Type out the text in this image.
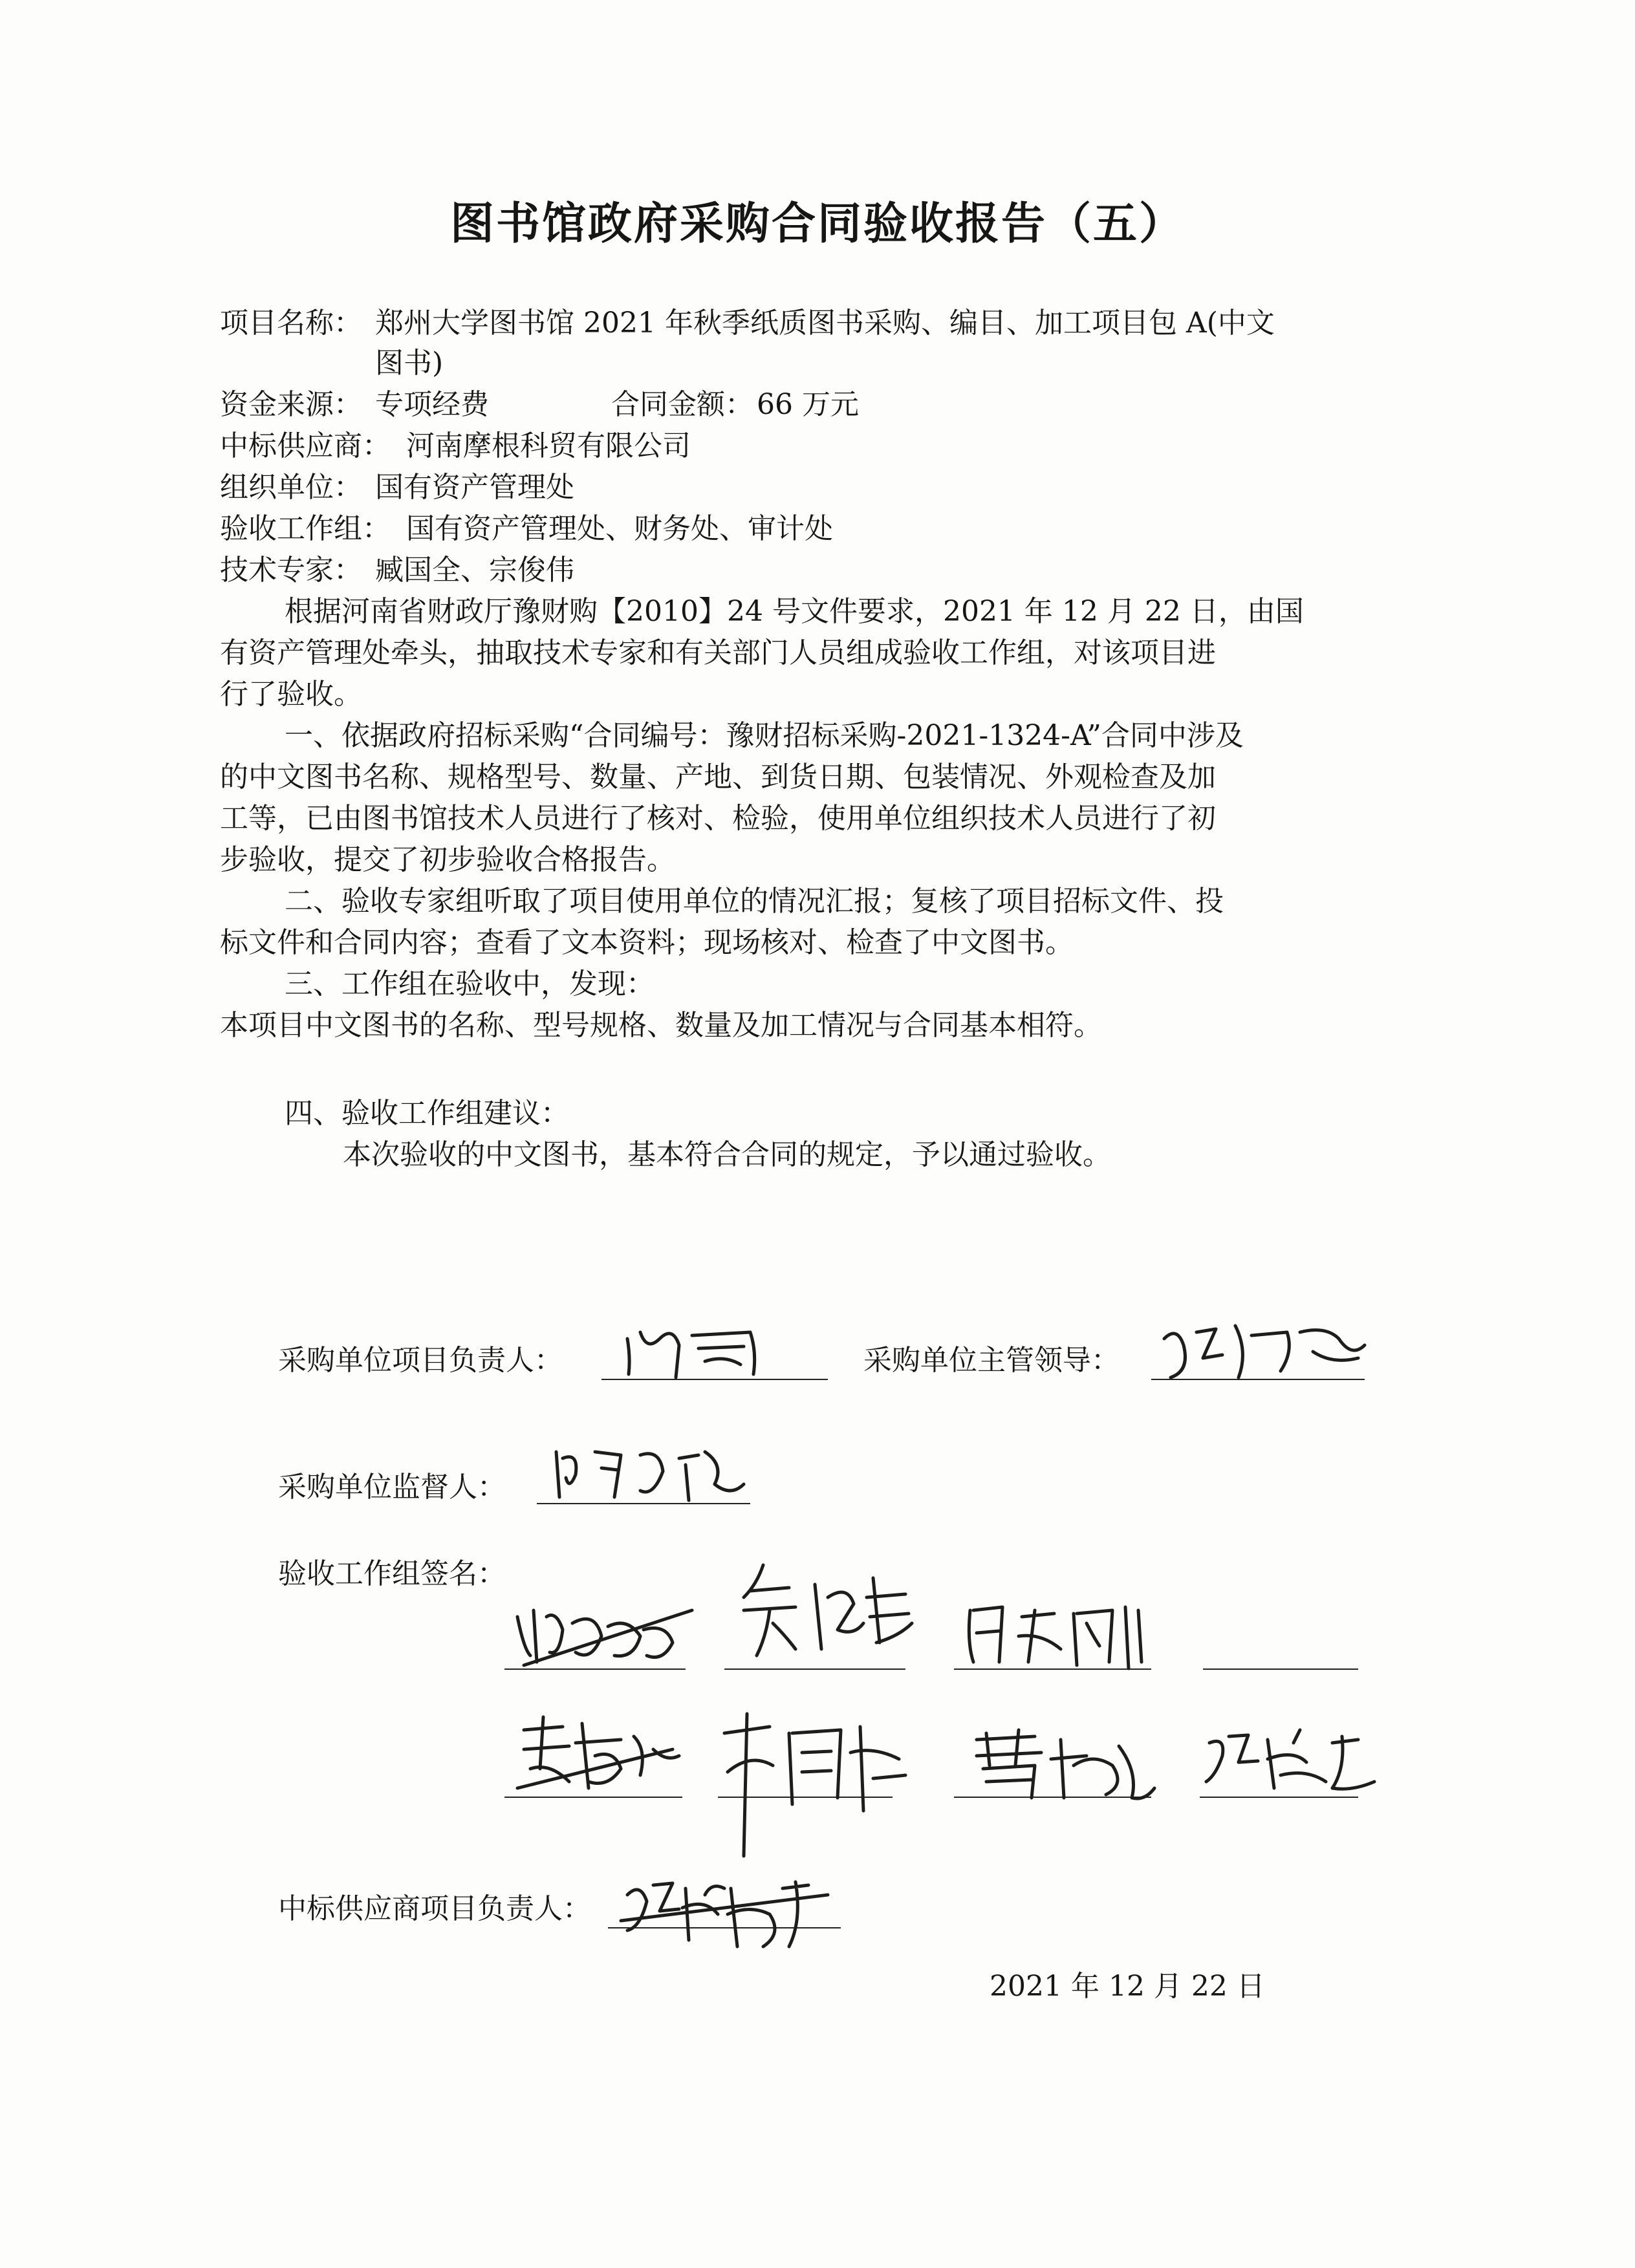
图书馆政府采购合同验收报告（五）
项目名称： 郑州大学图书馆 2021 年秋季纸质图书采购、编目、加工项目包 A(中文
图书)
资金来源： 专项经费	合同金额： 66 万元
中标供应商： 河南摩根科贸有限公司
组织单位： 国有资产管理处
验收工作组： 国有资产管理处、财务处、审计处
技术专家： 臧国全、宗俊伟
根据河南省财政厅豫财购【2010】24 号文件要求，2021 年 12 月 22 日，由国
有资产管理处牵头，抽取技术专家和有关部门人员组成验收工作组，对该项目进
行了验收。
一、依据政府招标采购“合同编号：豫财招标采购-2021-1324-A”合同中涉及
的中文图书名称、规格型号、数量、产地、到货日期、包装情况、外观检查及加
工等，已由图书馆技术人员进行了核对、检验，使用单位组织技术人员进行了初
步验收，提交了初步验收合格报告。
二、验收专家组听取了项目使用单位的情况汇报；复核了项目招标文件、投
标文件和合同内容；查看了文本资料；现场核对、检查了中文图书。
三、工作组在验收中，发现：
本项目中文图书的名称、型号规格、数量及加工情况与合同基本相符。
四、验收工作组建议：
本次验收的中文图书，基本符合合同的规定，予以通过验收。
采购单位项目负责人：	采购单位主管领导：
采购单位监督人：
验收工作组签名：
中标供应商项目负责人：
2021 年 12 月 22 日
